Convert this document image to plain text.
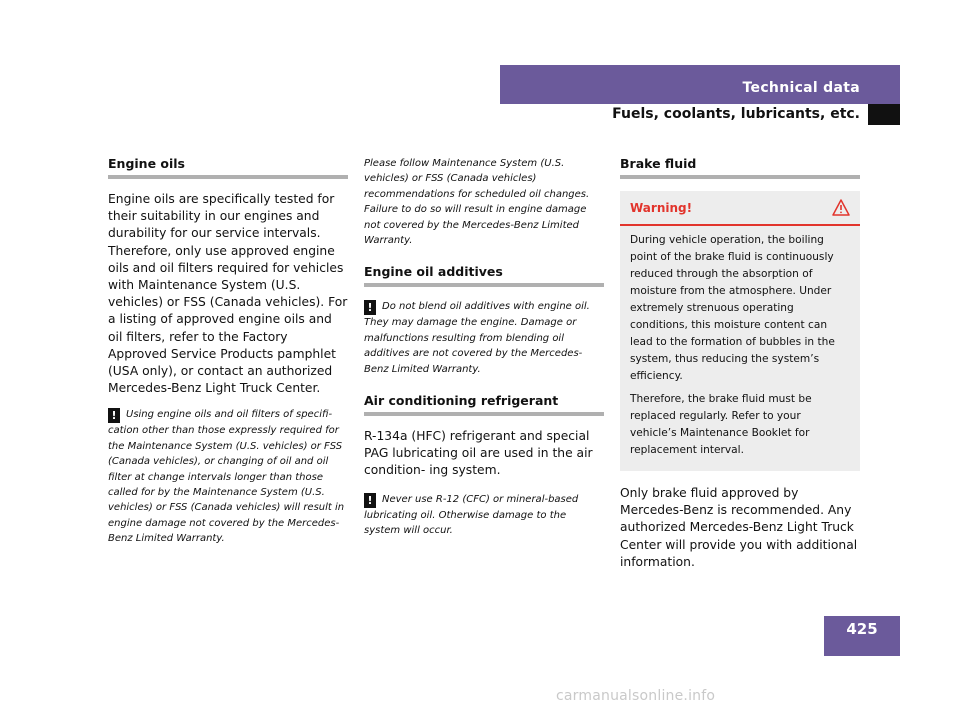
Technical data
Fuels, coolants, lubricants, etc.
Engine oils

Engine oils are specifically tested for their suitability in our engines and durability for our service intervals. Therefore, only use approved engine oils and oil filters required for vehicles with Maintenance System (U.S. vehicles) or FSS (Canada vehicles). For a listing of approved engine oils and oil filters, refer to the Factory Approved Service Products pamphlet (USA only), or contact an authorized Mercedes-Benz Light Truck Center.

! Using engine oils and oil filters of specifi- cation other than those expressly required for the Maintenance System (U.S. vehicles) or FSS (Canada vehicles), or changing of oil and oil filter at change intervals longer than those called for by the Maintenance System (U.S. vehicles) or FSS (Canada vehicles) will result in engine damage not covered by the Mercedes-Benz Limited Warranty.

Please follow Maintenance System (U.S. vehicles) or FSS (Canada vehicles) recommendations for scheduled oil changes. Failure to do so will result in engine damage not covered by the Mercedes-Benz Limited Warranty.

Engine oil additives

! Do not blend oil additives with engine oil. They may damage the engine. Damage or malfunctions resulting from blending oil additives are not covered by the Mercedes-Benz Limited Warranty.

Air conditioning refrigerant

R-134a (HFC) refrigerant and special PAG lubricating oil are used in the air condition- ing system.

! Never use R-12 (CFC) or mineral-based lubricating oil. Otherwise damage to the system will occur.

Brake fluid
Warning!

During vehicle operation, the boiling point of the brake fluid is continuously reduced through the absorption of moisture from the atmosphere. Under extremely strenuous operating conditions, this moisture content can lead to the formation of bubbles in the system, thus reducing the system’s efficiency.

Therefore, the brake fluid must be replaced regularly. Refer to your vehicle’s Maintenance Booklet for replacement interval.

Only brake fluid approved by Mercedes-Benz is recommended. Any authorized Mercedes-Benz Light Truck Center will provide you with additional information.

425
carmanualsonline.info
